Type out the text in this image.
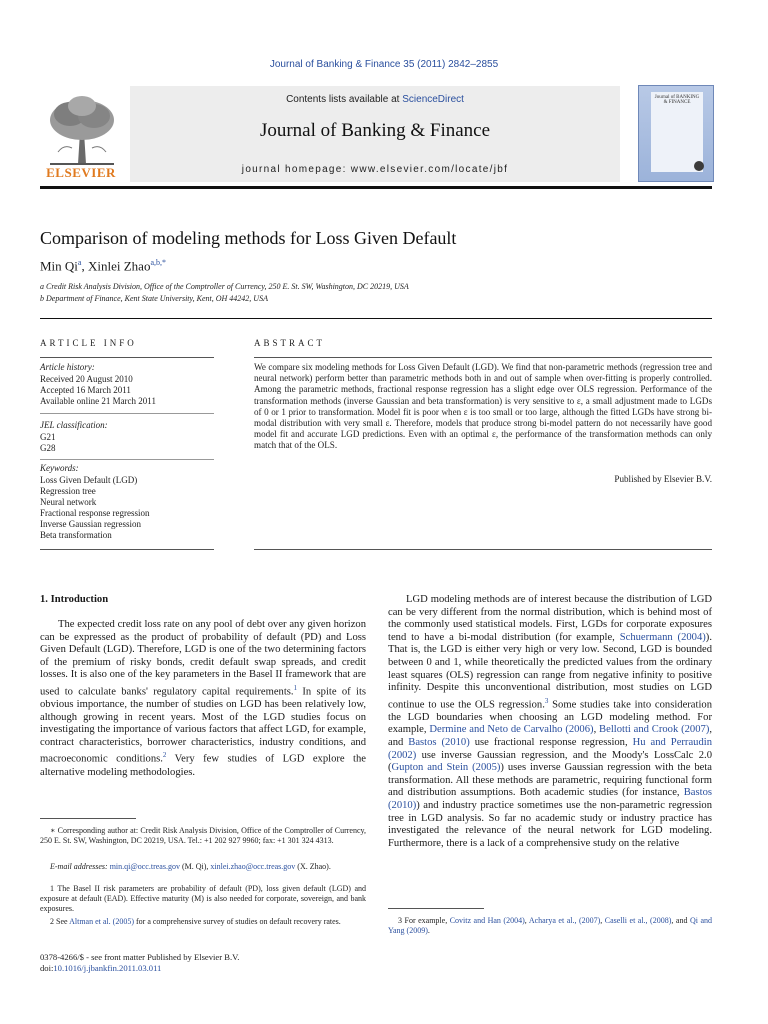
Journal of Banking & Finance 35 (2011) 2842–2855
ELSEVIER
Contents lists available at ScienceDirect
Journal of Banking & Finance
journal homepage: www.elsevier.com/locate/jbf
Journal of BANKING & FINANCE
Comparison of modeling methods for Loss Given Default
Min Qi$^a$, Xinlei Zhao$^{a,b,*}$
a Credit Risk Analysis Division, Office of the Comptroller of Currency, 250 E. St. SW, Washington, DC 20219, USA
b Department of Finance, Kent State University, Kent, OH 44242, USA
ARTICLE INFO	ABSTRACT
Article history:
Received 20 August 2010
Accepted 16 March 2011
Available online 21 March 2011
JEL classification:
G21
G28
Keywords:
Loss Given Default (LGD)
Regression tree
Neural network
Fractional response regression
Inverse Gaussian regression
Beta transformation
We compare six modeling methods for Loss Given Default (LGD). We find that non-parametric methods (regression tree and neural network) perform better than parametric methods both in and out of sample when over-fitting is properly controlled. Among the parametric methods, fractional response regression has a slight edge over OLS regression. Performance of the transformation methods (inverse Gaussian and beta transformation) is very sensitive to ε, a small adjustment made to LGDs of 0 or 1 prior to transformation. Model fit is poor when ε is too small or too large, although the fitted LGDs have strong bi-modal distribution with very small ε. Therefore, models that produce strong bi-model pattern do not necessarily have good model fit and accurate LGD predictions. Even with an optimal ε, the performance of the transformation methods can only match that of the OLS.
Published by Elsevier B.V.
1. Introduction
The expected credit loss rate on any pool of debt over any given horizon can be expressed as the product of probability of default (PD) and Loss Given Default (LGD). Therefore, LGD is one of the two determining factors of the premium of risky bonds, credit default swap spreads, and credit losses. It is also one of the key parameters in the Basel II framework that are used to calculate banks' regulatory capital requirements.$^1$ In spite of its obvious importance, the number of studies on LGD has been relatively low, although growing in recent years. Most of the LGD studies focus on investigating the importance of various factors that affect LGD, for example, contract characteristics, borrower characteristics, industry conditions, and macroeconomic conditions.$^2$ Very few studies of LGD explore the alternative modeling methodologies.
LGD modeling methods are of interest because the distribution of LGD can be very different from the normal distribution, which is behind most of the commonly used statistical models. First, LGDs for corporate exposures tend to have a bi-modal distribution (for example, Schuermann (2004)). That is, the LGD is either very high or very low. Second, LGD is bounded between 0 and 1, while theoretically the predicted values from the ordinary least squares (OLS) regression can range from negative infinity to positive infinity. Despite this unconventional distribution, most studies on LGD continue to use the OLS regression.$^3$ Some studies take into consideration the LGD boundaries when choosing an LGD modeling method. For example, Dermine and Neto de Carvalho (2006), Bellotti and Crook (2007), and Bastos (2010) use fractional response regression, Hu and Perraudin (2002) use inverse Gaussian regression, and the Moody's LossCalc 2.0 (Gupton and Stein (2005)) uses inverse Gaussian regression with the beta transformation. All these methods are parametric, requiring functional form and distribution assumptions. Both academic studies (for instance, Bastos (2010)) and industry practice sometimes use the non-parametric regression tree in LGD analysis. So far no academic study or industry practice has investigated the relevance of the neural network for LGD modeling. Furthermore, there is a lack of a comprehensive study on the relative
∗ Corresponding author at: Credit Risk Analysis Division, Office of the Comptroller of Currency, 250 E. St. SW, Washington, DC 20219, USA. Tel.: +1 202 927 9960; fax: +1 301 324 4313.
E-mail addresses: min.qi@occ.treas.gov (M. Qi), xinlei.zhao@occ.treas.gov (X. Zhao).
1 The Basel II risk parameters are probability of default (PD), loss given default (LGD) and exposure at default (EAD). Effective maturity (M) is also needed for corporate, sovereign, and bank exposures.
2 See Altman et al. (2005) for a comprehensive survey of studies on default recovery rates.	3 For example, Covitz and Han (2004), Acharya et al., (2007), Caselli et al., (2008), and Qi and Yang (2009).
0378-4266/$ - see front matter Published by Elsevier B.V.
doi:10.1016/j.jbankfin.2011.03.011
